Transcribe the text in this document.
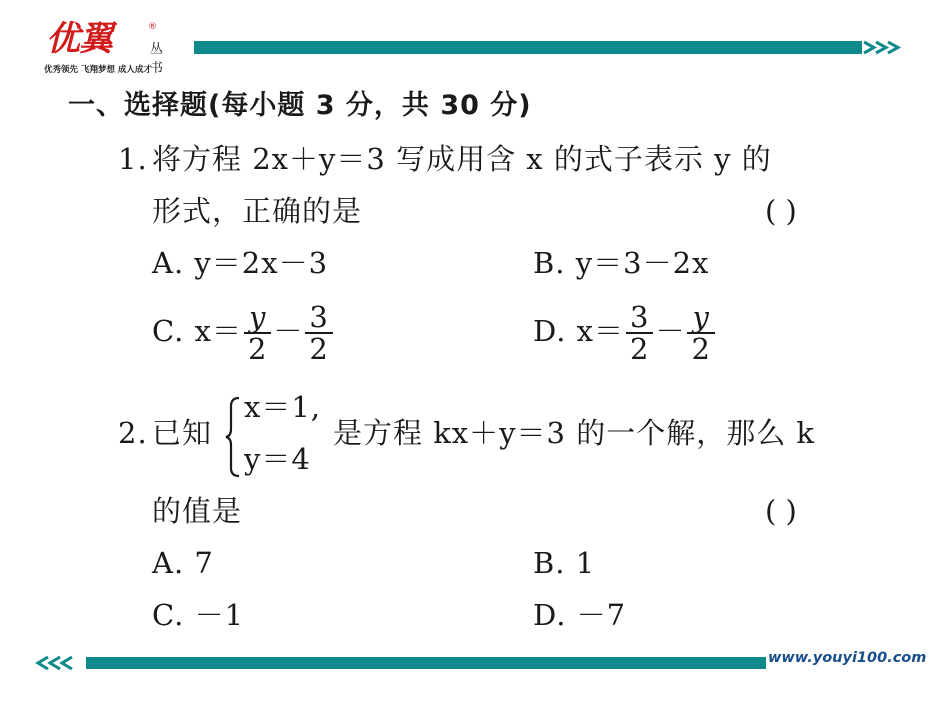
优翼	®
丛书
优秀领先 飞翔梦想 成人成才
一、选择题(每小题 3 分，共 30 分)
1. 将方程 2x＋y＝3 写成用含 x 的式子表示 y 的
形式，正确的是	( )
A. y＝2x－3	B. y＝3－2x
C. $x= \frac{y}{2} - \frac{3}{2}$	D. $x= \frac{3}{2} - \frac{y}{2}$
2. 已知
x＝1,
y＝4
是方程 kx＋y＝3 的一个解，那么 k
的值是	( )
A. 7	B. 1
C. －1	D. －7
www.youyi100.com
